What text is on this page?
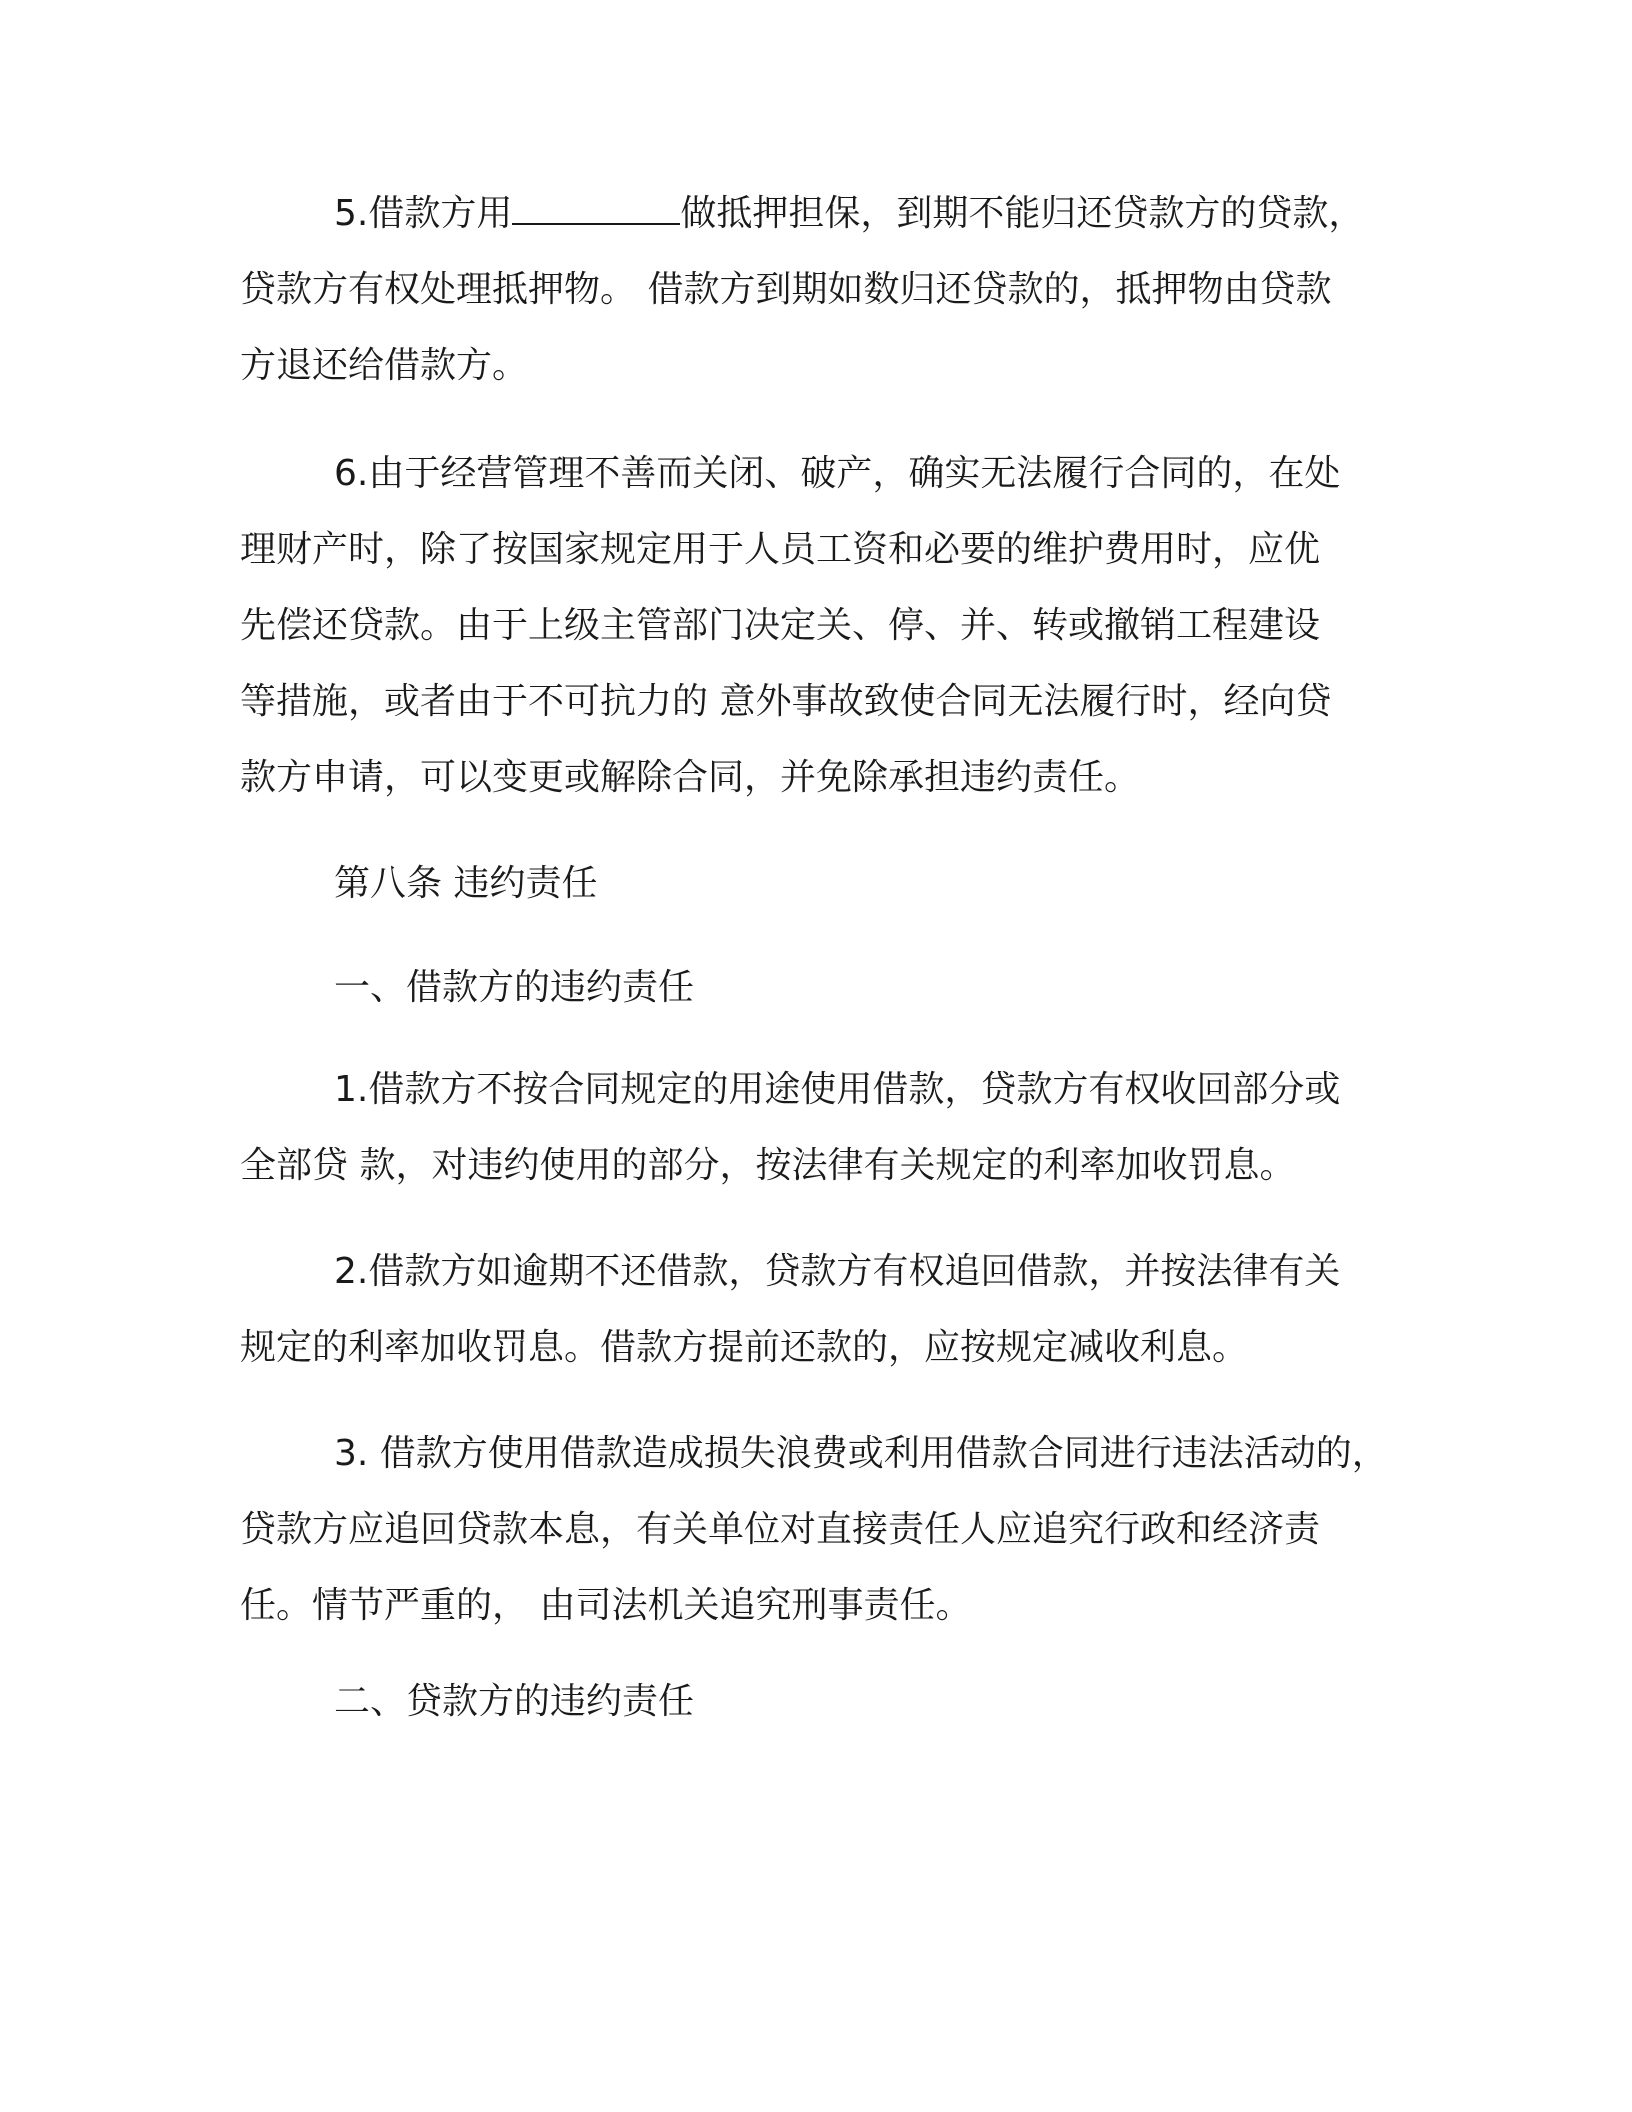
5.借款方用	做抵押担保，到期不能归还贷款方的贷款，
贷款方有权处理抵押物。 借款方到期如数归还贷款的，抵押物由贷款
方退还给借款方。
6.由于经营管理不善而关闭、破产，确实无法履行合同的，在处
理财产时，除了按国家规定用于人员工资和必要的维护费用时，应优
先偿还贷款。由于上级主管部门决定关、停、并、转或撤销工程建设
等措施，或者由于不可抗力的 意外事故致使合同无法履行时，经向贷
款方申请，可以变更或解除合同，并免除承担违约责任。
第八条 违约责任
一、借款方的违约责任
1.借款方不按合同规定的用途使用借款，贷款方有权收回部分或
全部贷 款，对违约使用的部分，按法律有关规定的利率加收罚息。
2.借款方如逾期不还借款，贷款方有权追回借款，并按法律有关
规定的利率加收罚息。借款方提前还款的，应按规定减收利息。
3. 借款方使用借款造成损失浪费或利用借款合同进行违法活动的，
贷款方应追回贷款本息，有关单位对直接责任人应追究行政和经济责
任。情节严重的， 由司法机关追究刑事责任。
二、贷款方的违约责任
